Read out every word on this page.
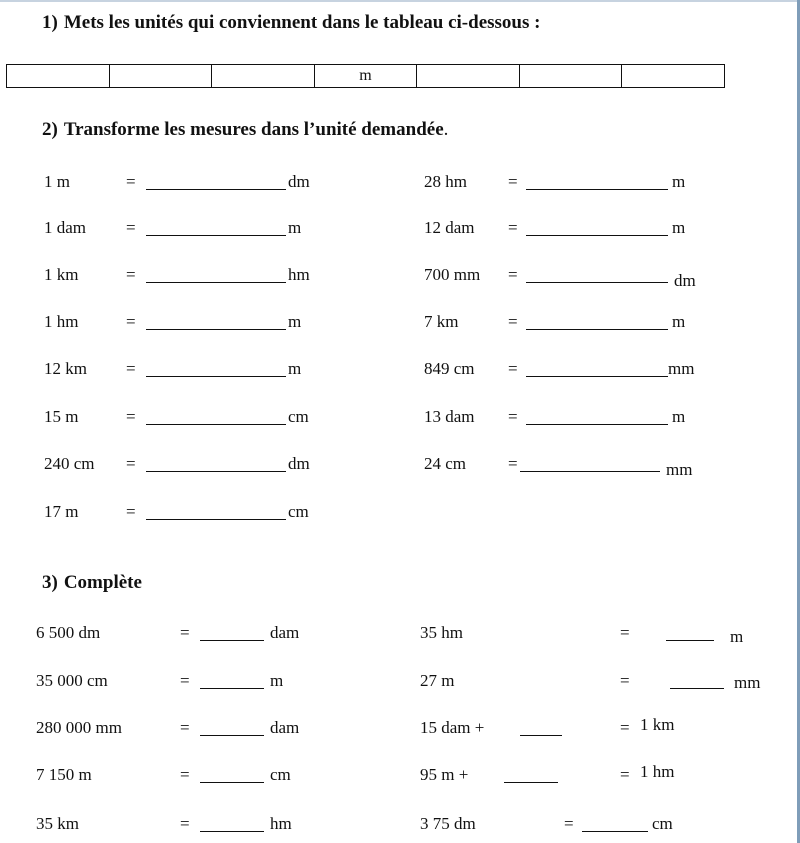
1) Mets les unités qui conviennent dans le tableau ci-dessous :
m
2) Transforme les mesures dans l’unité demandée.
1 m	=	dm
1 dam =	m
1 km	=	hm
1 hm	=	m
12 km =	m
15 m	=	cm
240 cm =	dm
17 m	=	cm
28 hm =	m
12 dam =	m
700 mm =	dm
7 km	=	m
849 cm =	mm
13 dam =	m
24 cm =	mm
3) Complète
6 500 dm	=	dam
35 000 cm	=	m
280 000 mm	=	dam
7 150 m	=	cm
35 km	=	hm
35 hm	=	m
27 m	=	mm
15 dam +	= 1 km
95 m +	= 1 hm
3 75 dm	=	cm
